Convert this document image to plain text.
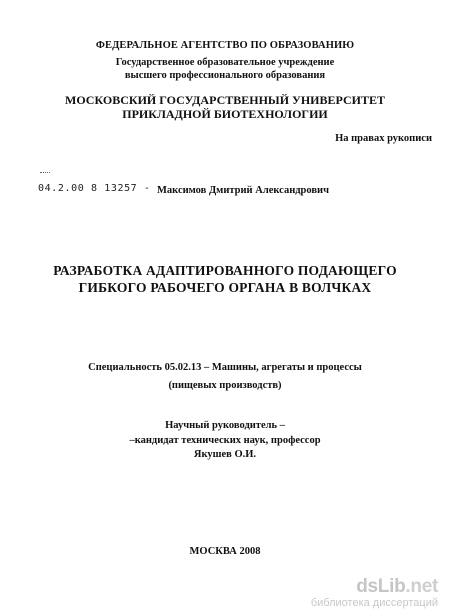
ФЕДЕРАЛЬНОЕ АГЕНТСТВО ПО ОБРАЗОВАНИЮ
Государственное образовательное учреждение
высшего профессионального образования
МОСКОВСКИЙ ГОСУДАРСТВЕННЫЙ УНИВЕРСИТЕТ
ПРИКЛАДНОЙ БИОТЕХНОЛОГИИ
На правах рукописи
04.2.00 8 13257 - Максимов Дмитрий Александрович
РАЗРАБОТКА АДАПТИРОВАННОГО ПОДАЮЩЕГО
ГИБКОГО РАБОЧЕГО ОРГАНА В ВОЛЧКАХ
Специальность 05.02.13 – Машины, агрегаты и процессы
(пищевых производств)
Научный руководитель –
–кандидат технических наук, профессор
Якушев О.И.
МОСКВА 2008
dsLib.net
библиотека диссертаций
